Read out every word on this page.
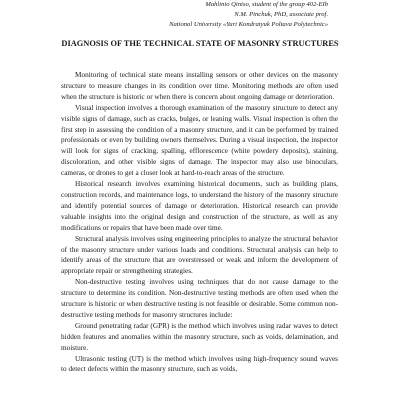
Mahlinio Qiniso, student of the group 402-EIb
N.M. Pinchuk, PhD, associate prof.
National University «Yuri Kondratyuk Poltava Polytechnic»
DIAGNOSIS OF THE TECHNICAL STATE OF MASONRY STRUCTURES

Monitoring of technical state means installing sensors or other devices on the masonry structure to measure changes in its condition over time. Monitoring methods are often used when the structure is historic or when there is concern about ongoing damage or deterioration.

Visual inspection involves a thorough examination of the masonry structure to detect any visible signs of damage, such as cracks, bulges, or leaning walls. Visual inspection is often the first step in assessing the condition of a masonry structure, and it can be performed by trained professionals or even by building owners themselves. During a visual inspection, the inspector will look for signs of cracking, spalling, efflorescence (white powdery deposits), staining, discoloration, and other visible signs of damage. The inspector may also use binoculars, cameras, or drones to get a closer look at hard-to-reach areas of the structure.

Historical research involves examining historical documents, such as building plans, construction records, and maintenance logs, to understand the history of the masonry structure and identify potential sources of damage or deterioration. Historical research can provide valuable insights into the original design and construction of the structure, as well as any modifications or repairs that have been made over time.

Structural analysis involves using engineering principles to analyze the structural behavior of the masonry structure under various loads and conditions. Structural analysis can help to identify areas of the structure that are overstressed or weak and inform the development of appropriate repair or strengthening strategies.

Non-destructive testing involves using techniques that do not cause damage to the structure to determine its condition. Non-destructive testing methods are often used when the structure is historic or when destructive testing is not feasible or desirable. Some common non-destructive testing methods for masonry structures include:

Ground penetrating radar (GPR) is the method which involves using radar waves to detect hidden features and anomalies within the masonry structure, such as voids, delamination, and moisture.

Ultrasonic testing (UT) is the method which involves using high-frequency sound waves to detect defects within the masonry structure, such as voids,
